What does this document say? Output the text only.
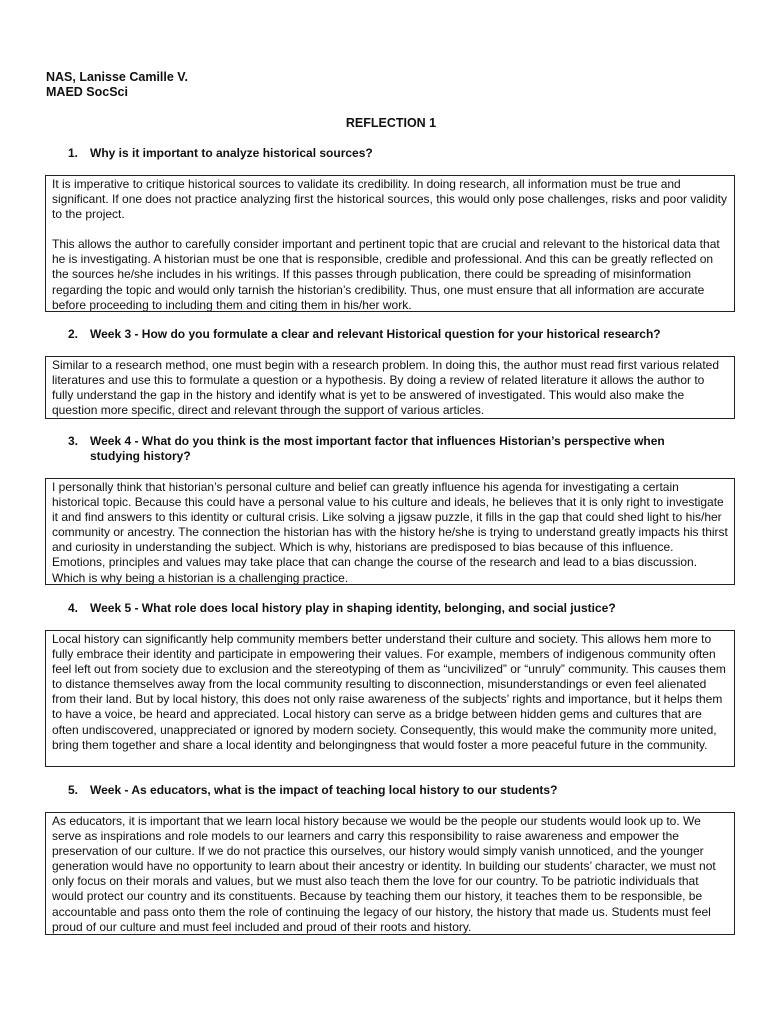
NAS, Lanisse Camille V.
MAED SocSci
REFLECTION 1
1. Why is it important to analyze historical sources?

It is imperative to critique historical sources to validate its credibility. In doing research, all information must be true and significant. If one does not practice analyzing first the historical sources, this would only pose challenges, risks and poor validity to the project.

This allows the author to carefully consider important and pertinent topic that are crucial and relevant to the historical data that he is investigating. A historian must be one that is responsible, credible and professional. And this can be greatly reflected on the sources he/she includes in his writings. If this passes through publication, there could be spreading of misinformation regarding the topic and would only tarnish the historian’s credibility. Thus, one must ensure that all information are accurate before proceeding to including them and citing them in his/her work.

2. Week 3 - How do you formulate a clear and relevant Historical question for your historical research?

Similar to a research method, one must begin with a research problem. In doing this, the author must read first various related literatures and use this to formulate a question or a hypothesis. By doing a review of related literature it allows the author to fully understand the gap in the history and identify what is yet to be answered of investigated. This would also make the question more specific, direct and relevant through the support of various articles.

3. Week 4 - What do you think is the most important factor that influences Historian’s perspective when studying history?

I personally think that historian’s personal culture and belief can greatly influence his agenda for investigating a certain historical topic. Because this could have a personal value to his culture and ideals, he believes that it is only right to investigate it and find answers to this identity or cultural crisis. Like solving a jigsaw puzzle, it fills in the gap that could shed light to his/her community or ancestry. The connection the historian has with the history he/she is trying to understand greatly impacts his thirst and curiosity in understanding the subject. Which is why, historians are predisposed to bias because of this influence. Emotions, principles and values may take place that can change the course of the research and lead to a bias discussion. Which is why being a historian is a challenging practice.

4. Week 5 - What role does local history play in shaping identity, belonging, and social justice?

Local history can significantly help community members better understand their culture and society. This allows hem more to fully embrace their identity and participate in empowering their values. For example, members of indigenous community often feel left out from society due to exclusion and the stereotyping of them as “uncivilized” or “unruly” community. This causes them to distance themselves away from the local community resulting to disconnection, misunderstandings or even feel alienated from their land. But by local history, this does not only raise awareness of the subjects’ rights and importance, but it helps them to have a voice, be heard and appreciated. Local history can serve as a bridge between hidden gems and cultures that are often undiscovered, unappreciated or ignored by modern society. Consequently, this would make the community more united, bring them together and share a local identity and belongingness that would foster a more peaceful future in the community.

5. Week - As educators, what is the impact of teaching local history to our students?

As educators, it is important that we learn local history because we would be the people our students would look up to. We serve as inspirations and role models to our learners and carry this responsibility to raise awareness and empower the preservation of our culture. If we do not practice this ourselves, our history would simply vanish unnoticed, and the younger generation would have no opportunity to learn about their ancestry or identity. In building our students’ character, we must not only focus on their morals and values, but we must also teach them the love for our country. To be patriotic individuals that would protect our country and its constituents. Because by teaching them our history, it teaches them to be responsible, be accountable and pass onto them the role of continuing the legacy of our history, the history that made us. Students must feel proud of our culture and must feel included and proud of their roots and history.
